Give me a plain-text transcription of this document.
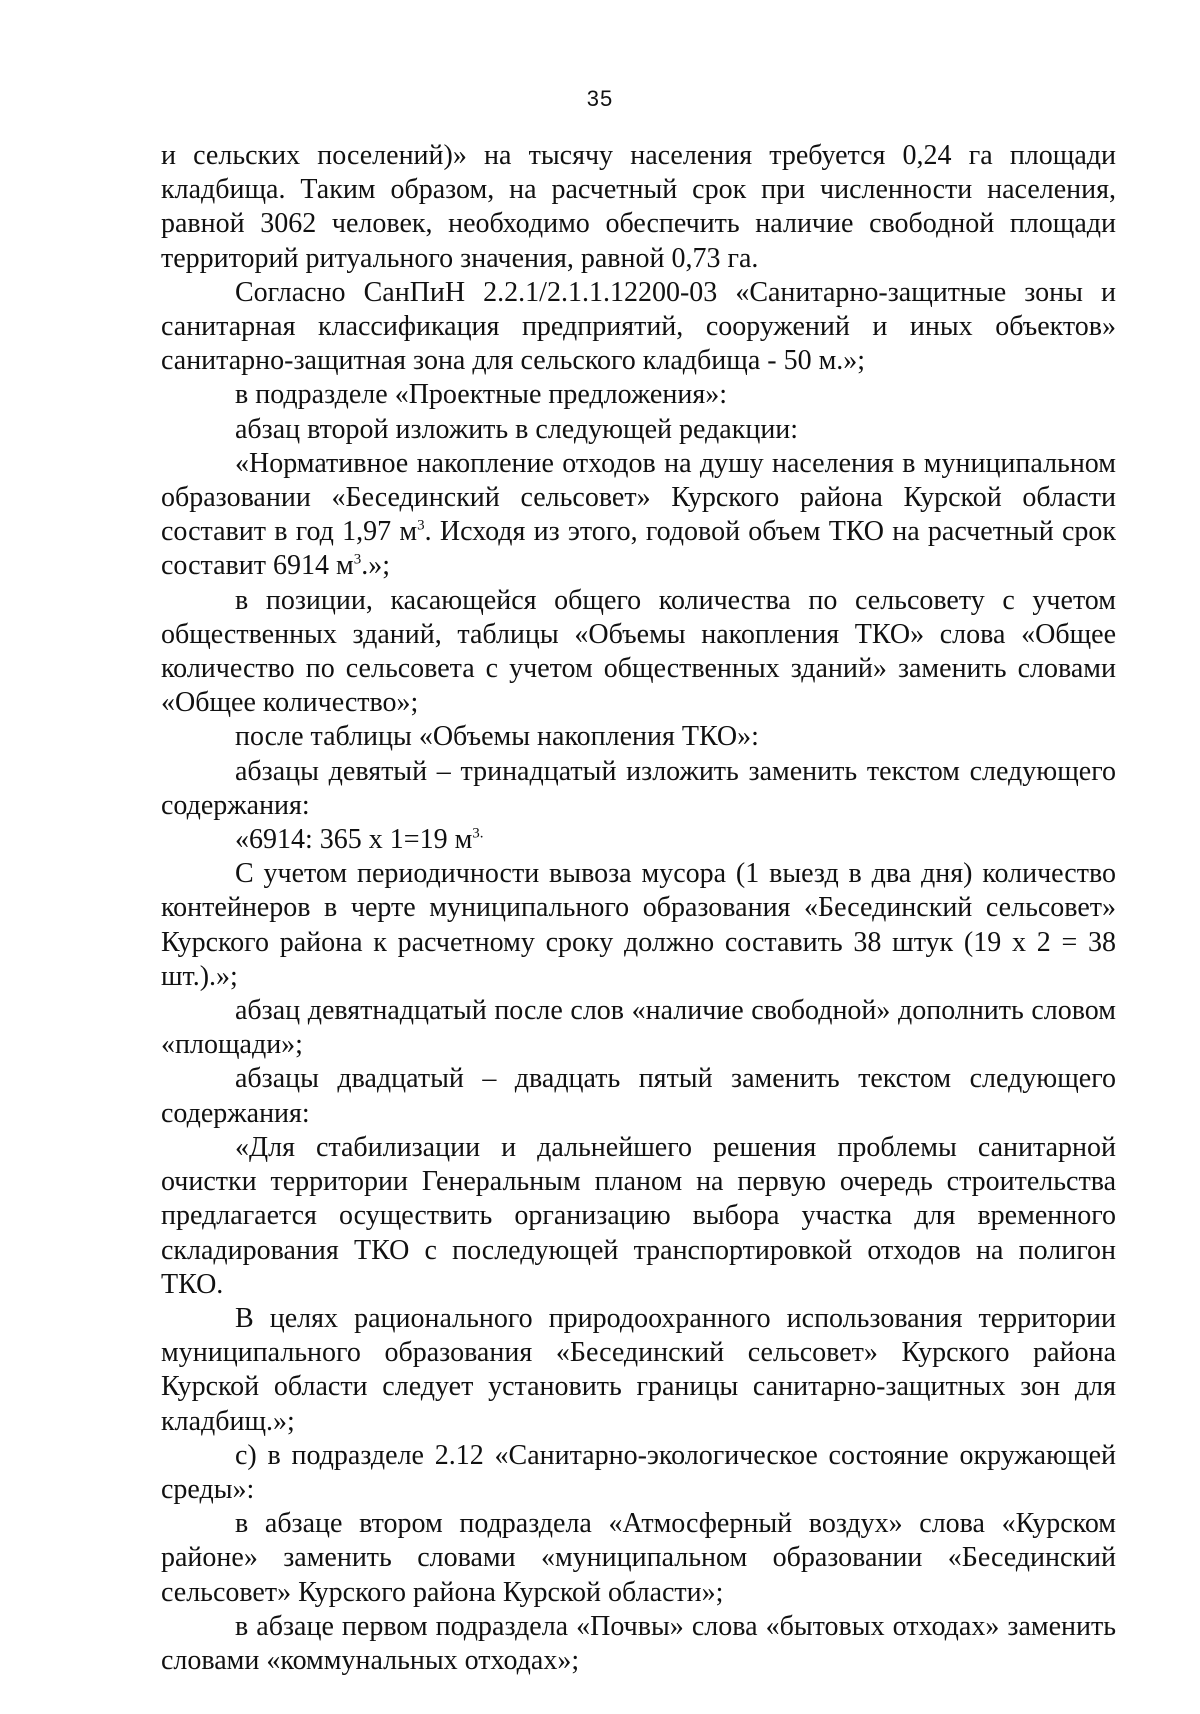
35

и сельских поселений)» на тысячу населения требуется 0,24 га площади кладбища. Таким образом, на расчетный срок при численности населения, равной 3062 человек, необходимо обеспечить наличие свободной площади территорий ритуального значения, равной 0,73 га.

Согласно СанПиН 2.2.1/2.1.1.12200-03 «Санитарно-защитные зоны и санитарная классификация предприятий, сооружений и иных объектов» санитарно-защитная зона для сельского кладбища - 50 м.»;

в подразделе «Проектные предложения»:

абзац второй изложить в следующей редакции:

«Нормативное накопление отходов на душу населения в муниципальном образовании «Бесединский сельсовет» Курского района Курской области составит в год 1,97 $м^3$. Исходя из этого, годовой объем ТКО на расчетный срок составит 6914 $м^3$.»;

в позиции, касающейся общего количества по сельсовету с учетом общественных зданий, таблицы «Объемы накопления ТКО» слова «Общее количество по сельсовета с учетом общественных зданий» заменить словами «Общее количество»;

после таблицы «Объемы накопления ТКО»:

абзацы девятый – тринадцатый изложить заменить текстом следующего содержания:

«6914: 365 х 1=19 $м^{3.}$

С учетом периодичности вывоза мусора (1 выезд в два дня) количество контейнеров в черте муниципального образования «Бесединский сельсовет» Курского района к расчетному сроку должно составить 38 штук (19 х 2 = 38 шт.).»;

абзац девятнадцатый после слов «наличие свободной» дополнить словом «площади»;

абзацы двадцатый – двадцать пятый заменить текстом следующего содержания:

«Для стабилизации и дальнейшего решения проблемы санитарной очистки территории Генеральным планом на первую очередь строительства предлагается осуществить организацию выбора участка для временного складирования ТКО с последующей транспортировкой отходов на полигон ТКО.

В целях рационального природоохранного использования территории муниципального образования «Бесединский сельсовет» Курского района Курской области следует установить границы санитарно-защитных зон для кладбищ.»;

с) в подразделе 2.12 «Санитарно-экологическое состояние окружающей среды»:

в абзаце втором подраздела «Атмосферный воздух» слова «Курском районе» заменить словами «муниципальном образовании «Бесединский сельсовет» Курского района Курской области»;

в абзаце первом подраздела «Почвы» слова «бытовых отходах» заменить словами «коммунальных отходах»;
